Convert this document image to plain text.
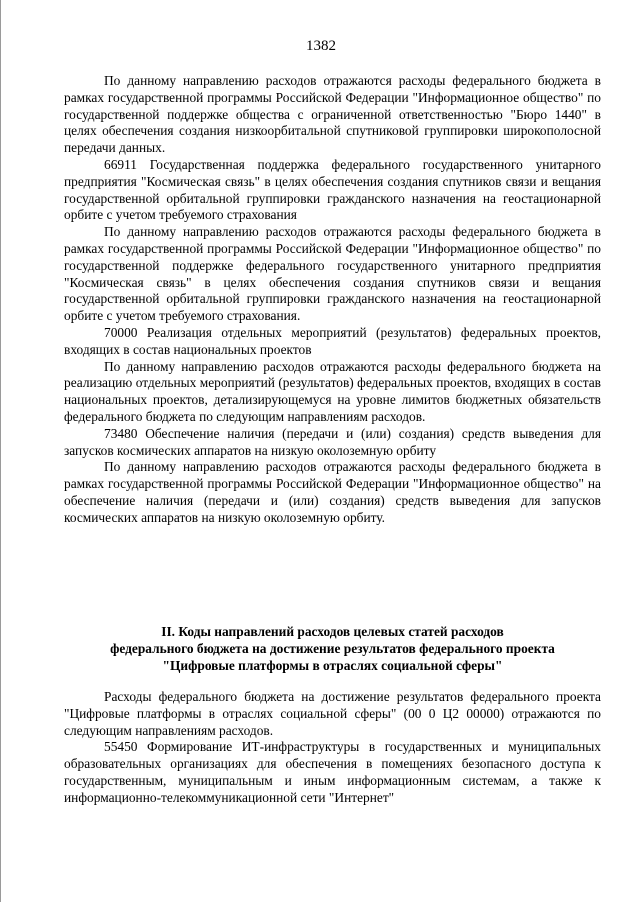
1382

По данному направлению расходов отражаются расходы федерального бюджета в рамках государственной программы Российской Федерации "Информационное общество" по государственной поддержке общества с ограниченной ответственностью "Бюро 1440" в целях обеспечения создания низкоорбитальной спутниковой группировки широкополосной передачи данных.

66911 Государственная поддержка федерального государственного унитарного предприятия "Космическая связь" в целях обеспечения создания спутников связи и вещания государственной орбитальной группировки гражданского назначения на геостационарной орбите с учетом требуемого страхования

По данному направлению расходов отражаются расходы федерального бюджета в рамках государственной программы Российской Федерации "Информационное общество" по государственной поддержке федерального государственного унитарного предприятия "Космическая связь" в целях обеспечения создания спутников связи и вещания государственной орбитальной группировки гражданского назначения на геостационарной орбите с учетом требуемого страхования.

70000 Реализация отдельных мероприятий (результатов) федеральных проектов, входящих в состав национальных проектов

По данному направлению расходов отражаются расходы федерального бюджета на реализацию отдельных мероприятий (результатов) федеральных проектов, входящих в состав национальных проектов, детализирующемуся на уровне лимитов бюджетных обязательств федерального бюджета по следующим направлениям расходов.

73480 Обеспечение наличия (передачи и (или) создания) средств выведения для запусков космических аппаратов на низкую околоземную орбиту

По данному направлению расходов отражаются расходы федерального бюджета в рамках государственной программы Российской Федерации "Информационное общество" на обеспечение наличия (передачи и (или) создания) средств выведения для запусков космических аппаратов на низкую околоземную орбиту.

II. Коды направлений расходов целевых статей расходов

федерального бюджета на достижение результатов федерального проекта

"Цифровые платформы в отраслях социальной сферы"

Расходы федерального бюджета на достижение результатов федерального проекта "Цифровые платформы в отраслях социальной сферы" (00 0 Ц2 00000) отражаются по следующим направлениям расходов.

55450 Формирование ИТ-инфраструктуры в государственных и муниципальных образовательных организациях для обеспечения в помещениях безопасного доступа к государственным, муниципальным и иным информационным системам, а также к информационно-телекоммуникационной сети "Интернет"
